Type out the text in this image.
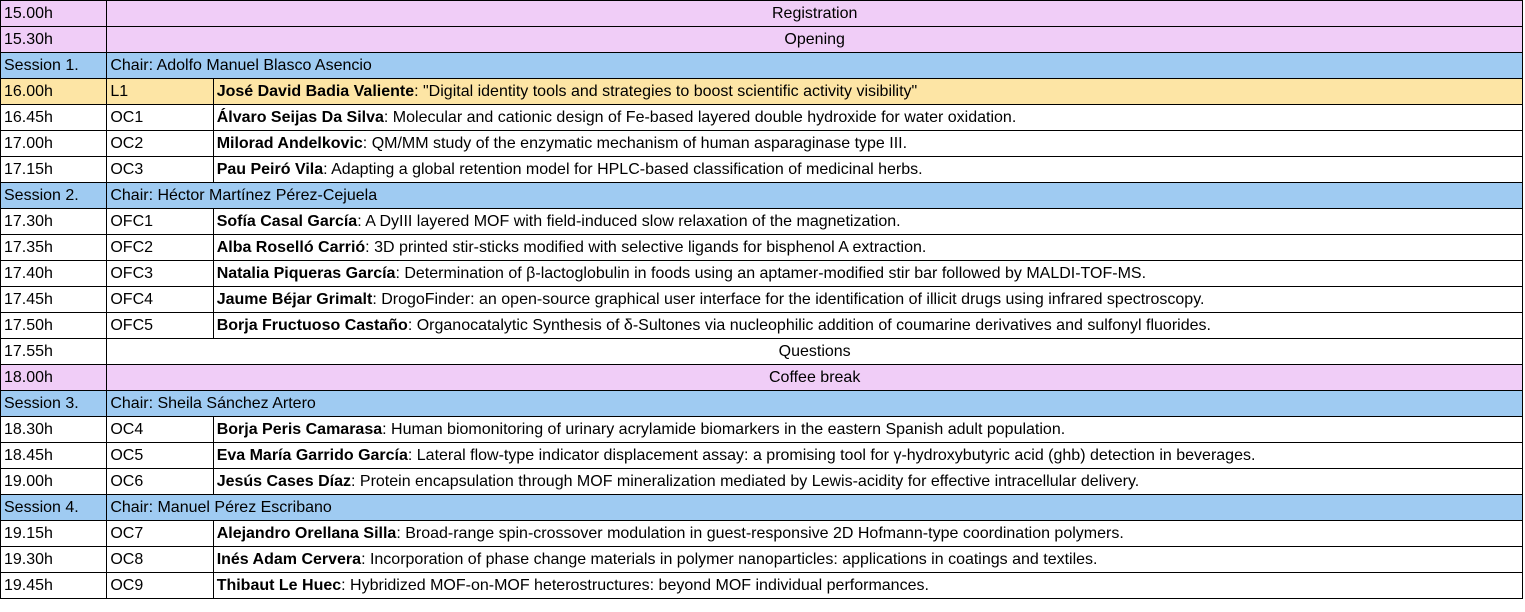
15.00h	Registration	
15.30h	Opening	
Session 1.	Chair: Adolfo Manuel Blasco Asencio	
16.00h	L1	José David Badia Valiente: "Digital identity tools and strategies to boost scientific activity visibility"
16.45h	OC1	Álvaro Seijas Da Silva: Molecular and cationic design of Fe-based layered double hydroxide for water oxidation.
17.00h	OC2	Milorad Andelkovic: QM/MM study of the enzymatic mechanism of human asparaginase type III.
17.15h	OC3	Pau Peiró Vila: Adapting a global retention model for HPLC-based classification of medicinal herbs.
Session 2.	Chair: Héctor Martínez Pérez-Cejuela	
17.30h	OFC1	Sofía Casal García: A DyIII layered MOF with field-induced slow relaxation of the magnetization.
17.35h	OFC2	Alba Roselló Carrió: 3D printed stir-sticks modified with selective ligands for bisphenol A extraction.
17.40h	OFC3	Natalia Piqueras García: Determination of β-lactoglobulin in foods using an aptamer-modified stir bar followed by MALDI-TOF-MS.
17.45h	OFC4	Jaume Béjar Grimalt: DrogoFinder: an open-source graphical user interface for the identification of illicit drugs using infrared spectroscopy.
17.50h	OFC5	Borja Fructuoso Castaño: Organocatalytic Synthesis of δ-Sultones via nucleophilic addition of coumarine derivatives and sulfonyl fluorides.
17.55h	Questions	
18.00h	Coffee break	
Session 3.	Chair: Sheila Sánchez Artero	
18.30h	OC4	Borja Peris Camarasa: Human biomonitoring of urinary acrylamide biomarkers in the eastern Spanish adult population.
18.45h	OC5	Eva María Garrido García: Lateral flow-type indicator displacement assay: a promising tool for γ-hydroxybutyric acid (ghb) detection in beverages.
19.00h	OC6	Jesús Cases Díaz: Protein encapsulation through MOF mineralization mediated by Lewis-acidity for effective intracellular delivery.
Session 4.	Chair: Manuel Pérez Escribano	
19.15h	OC7	Alejandro Orellana Silla: Broad-range spin-crossover modulation in guest-responsive 2D Hofmann-type coordination polymers.
19.30h	OC8	Inés Adam Cervera: Incorporation of phase change materials in polymer nanoparticles: applications in coatings and textiles.
19.45h	OC9	Thibaut Le Huec: Hybridized MOF-on-MOF heterostructures: beyond MOF individual performances.
